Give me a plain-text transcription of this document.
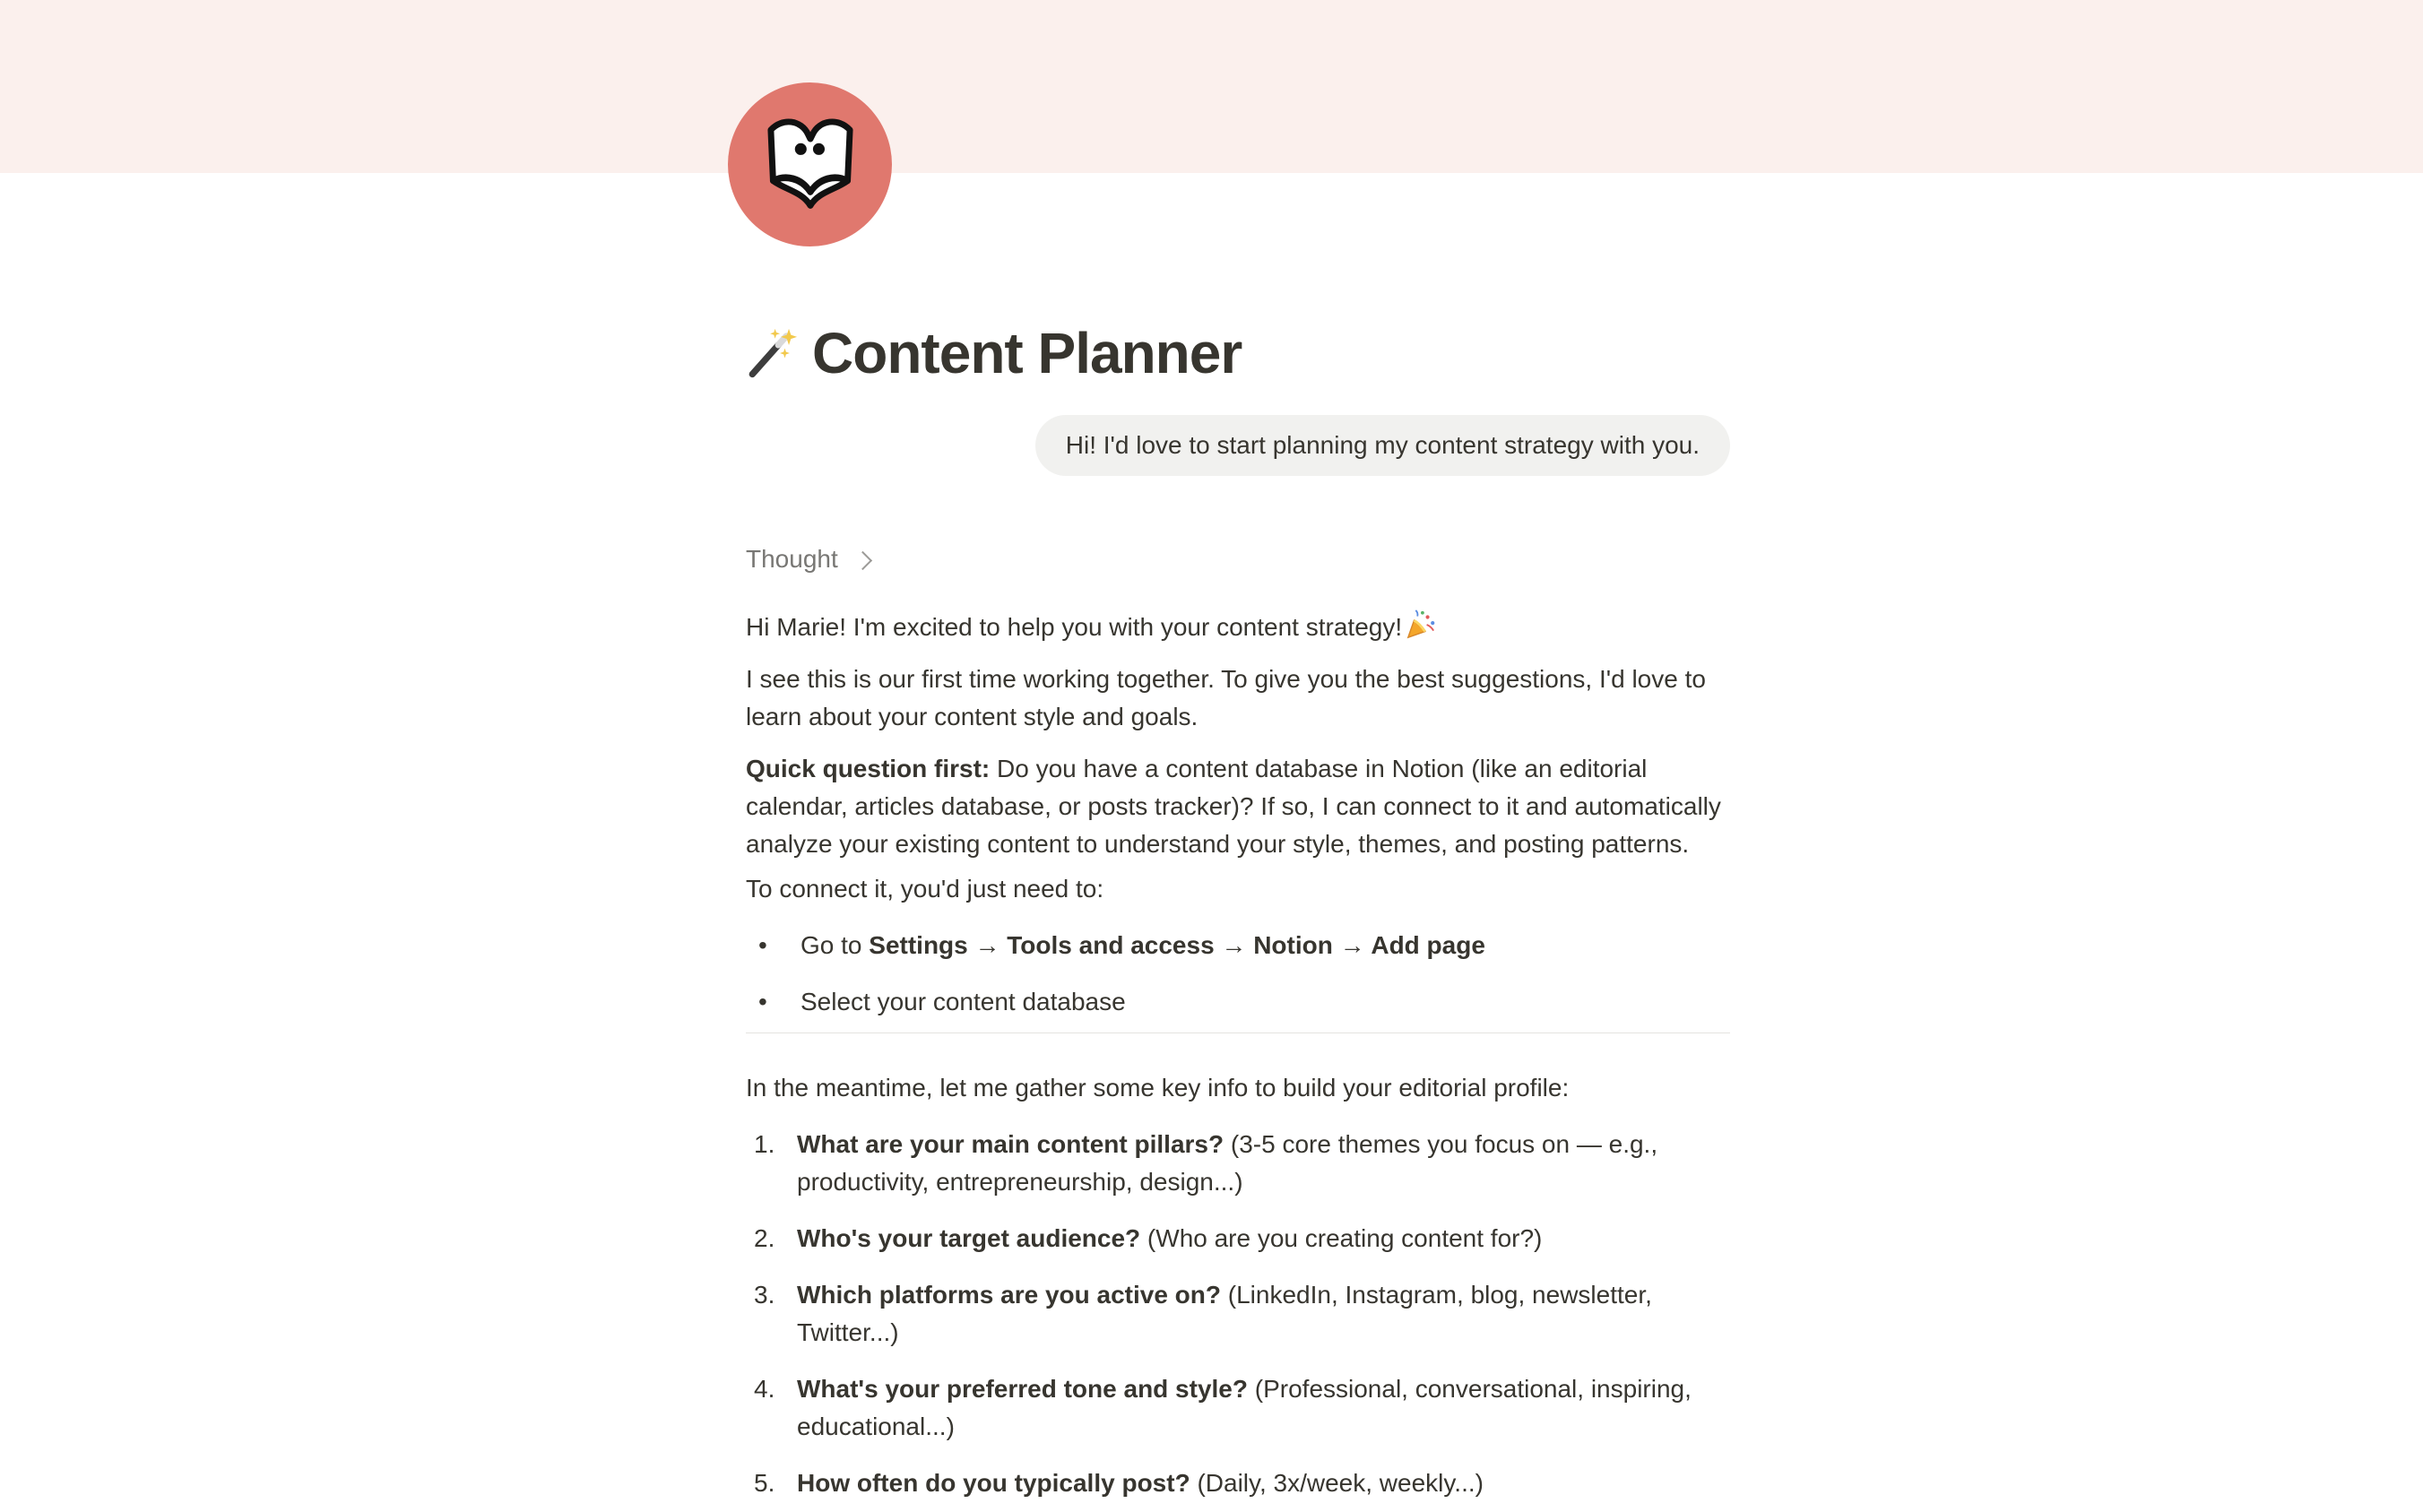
Content Planner
Hi! I'd love to start planning my content strategy with you.
Thought
Hi Marie! I'm excited to help you with your content strategy!
I see this is our first time working together. To give you the best suggestions, I'd love to learn about your content style and goals.
Quick question first: Do you have a content database in Notion (like an editorial calendar, articles database, or posts tracker)? If so, I can connect to it and automatically analyze your existing content to understand your style, themes, and posting patterns.
To connect it, you'd just need to:
•	Go to Settings → Tools and access → Notion → Add page
•	Select your content database
In the meantime, let me gather some key info to build your editorial profile:
1. What are your main content pillars? (3-5 core themes you focus on — e.g., productivity, entrepreneurship, design...)
2. Who's your target audience? (Who are you creating content for?)
3. Which platforms are you active on? (LinkedIn, Instagram, blog, newsletter, Twitter...)
4. What's your preferred tone and style? (Professional, conversational, inspiring, educational...)
5. How often do you typically post? (Daily, 3x/week, weekly...)
